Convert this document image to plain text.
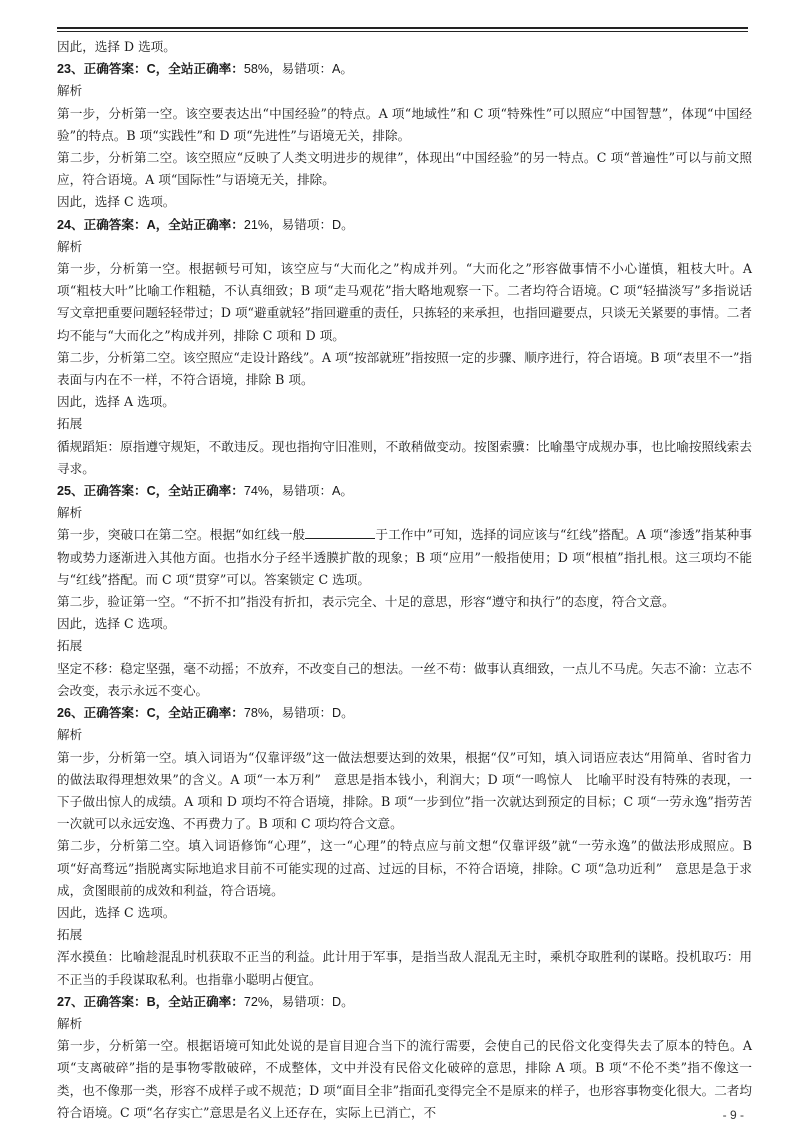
因此，选择 D 选项。

23、正确答案：C，全站正确率：58%，易错项：A。

解析

第一步，分析第一空。该空要表达出“中国经验”的特点。A 项“地域性”和 C 项“特殊性”可以照应“中国智慧”，体现“中国经验”的特点。B 项“实践性”和 D 项“先进性”与语境无关，排除。

第二步，分析第二空。该空照应“反映了人类文明进步的规律”，体现出“中国经验”的另一特点。C 项“普遍性”可以与前文照应，符合语境。A 项“国际性”与语境无关，排除。

因此，选择 C 选项。

24、正确答案：A，全站正确率：21%，易错项：D。

解析

第一步，分析第一空。根据顿号可知，该空应与“大而化之”构成并列。“大而化之”形容做事情不小心谨慎，粗枝大叶。A 项“粗枝大叶”比喻工作粗糙，不认真细致；B 项“走马观花”指大略地观察一下。二者均符合语境。C 项“轻描淡写”多指说话写文章把重要问题轻轻带过；D 项“避重就轻”指回避重的责任，只拣轻的来承担，也指回避要点，只谈无关紧要的事情。二者均不能与“大而化之”构成并列，排除 C 项和 D 项。

第二步，分析第二空。该空照应“走设计路线”。A 项“按部就班”指按照一定的步骤、顺序进行，符合语境。B 项“表里不一”指表面与内在不一样，不符合语境，排除 B 项。

因此，选择 A 选项。

拓展

循规蹈矩：原指遵守规矩，不敢违反。现也指拘守旧准则，不敢稍做变动。按图索骥：比喻墨守成规办事，也比喻按照线索去寻求。

25、正确答案：C，全站正确率：74%，易错项：A。

解析

第一步，突破口在第二空。根据“如红线一般	于工作中”可知，选择的词应该与“红线”搭配。A 项“渗透”指某种事物或势力逐渐进入其他方面。也指水分子经半透膜扩散的现象；B 项“应用”一般指使用；D 项“根植”指扎根。这三项均不能与“红线”搭配。而 C 项“贯穿”可以。答案锁定 C 选项。

第二步，验证第一空。“不折不扣”指没有折扣，表示完全、十足的意思，形容“遵守和执行”的态度，符合文意。

因此，选择 C 选项。

拓展

坚定不移：稳定坚强，毫不动摇；不放弃，不改变自己的想法。一丝不苟：做事认真细致，一点儿不马虎。矢志不渝：立志不会改变，表示永远不变心。

26、正确答案：C，全站正确率：78%，易错项：D。

解析

第一步，分析第一空。填入词语为“仅靠评级”这一做法想要达到的效果，根据“仅”可知，填入词语应表达“用简单、省时省力的做法取得理想效果”的含义。A 项“一本万利”　意思是指本钱小，利润大；D 项“一鸣惊人　比喻平时没有特殊的表现，一下子做出惊人的成绩。A 项和 D 项均不符合语境，排除。B 项“一步到位”指一次就达到预定的目标；C 项“一劳永逸”指劳苦一次就可以永远安逸、不再费力了。B 项和 C 项均符合文意。

第二步，分析第二空。填入词语修饰“心理”，这一“心理”的特点应与前文想“仅靠评级”就“一劳永逸”的做法形成照应。B 项“好高骛远”指脱离实际地追求目前不可能实现的过高、过远的目标，不符合语境，排除。C 项“急功近利”　意思是急于求成，贪图眼前的成效和利益，符合语境。

因此，选择 C 选项。

拓展

浑水摸鱼：比喻趁混乱时机获取不正当的利益。此计用于军事，是指当敌人混乱无主时，乘机夺取胜利的谋略。投机取巧：用不正当的手段谋取私利。也指靠小聪明占便宜。

27、正确答案：B，全站正确率：72%，易错项：D。

解析

第一步，分析第一空。根据语境可知此处说的是盲目迎合当下的流行需要，会使自己的民俗文化变得失去了原本的特色。A 项“支离破碎”指的是事物零散破碎，不成整体，文中并没有民俗文化破碎的意思，排除 A 项。B 项“不伦不类”指不像这一类，也不像那一类，形容不成样子或不规范；D 项“面目全非”指面孔变得完全不是原来的样子，也形容事物变化很大。二者均符合语境。C 项“名存实亡”意思是名义上还存在，实际上已消亡，不	- 9 -
